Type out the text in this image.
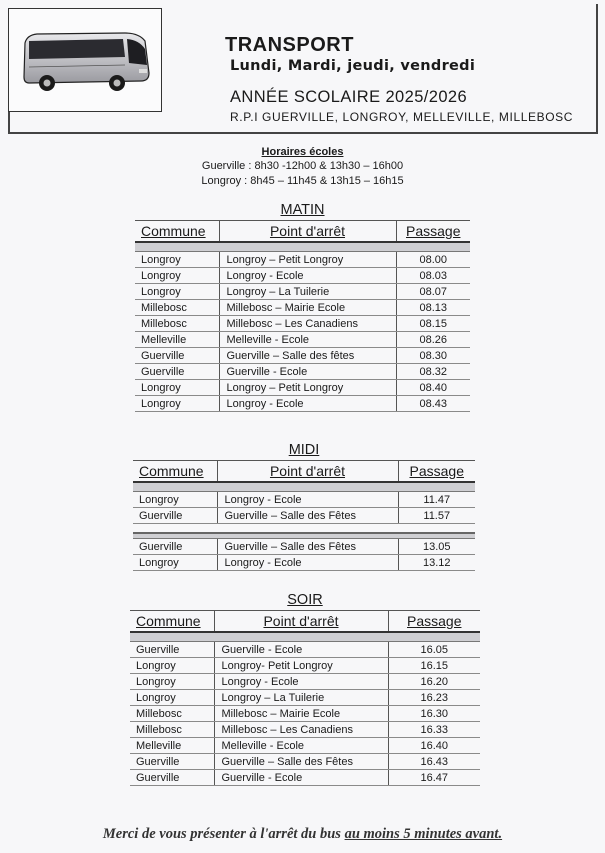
TRANSPORT
Lundi, Mardi, jeudi, vendredi
ANNÉE SCOLAIRE 2025/2026
R.P.I GUERVILLE, LONGROY, MELLEVILLE, MILLEBOSC
Horaires écoles
Guerville : 8h30 -12h00 & 13h30 – 16h00
Longroy : 8h45 – 11h45 & 13h15 – 16h15
MATIN
Commune	Point d'arrêt	Passage

Longroy	Longroy – Petit Longroy	08.00
Longroy	Longroy - Ecole	08.03
Longroy	Longroy – La Tuilerie	08.07
Millebosc	Millebosc – Mairie Ecole	08.13
Millebosc	Millebosc – Les Canadiens	08.15
Melleville	Melleville - Ecole	08.26
Guerville	Guerville – Salle des fêtes	08.30
Guerville	Guerville - Ecole	08.32
Longroy	Longroy – Petit Longroy	08.40
Longroy	Longroy - Ecole	08.43
MIDI
Commune	Point d'arrêt	Passage

Longroy	Longroy - Ecole	11.47
Guerville	Guerville – Salle des Fêtes	11.57

Guerville	Guerville – Salle des Fêtes	13.05
Longroy	Longroy - Ecole	13.12
SOIR
Commune	Point d'arrêt	Passage

Guerville	Guerville - Ecole	16.05
Longroy	Longroy- Petit Longroy	16.15
Longroy	Longroy - Ecole	16.20
Longroy	Longroy – La Tuilerie	16.23
Millebosc	Millebosc – Mairie Ecole	16.30
Millebosc	Millebosc – Les Canadiens	16.33
Melleville	Melleville - Ecole	16.40
Guerville	Guerville – Salle des Fêtes	16.43
Guerville	Guerville - Ecole	16.47
Merci de vous présenter à l'arrêt du bus au moins 5 minutes avant.
